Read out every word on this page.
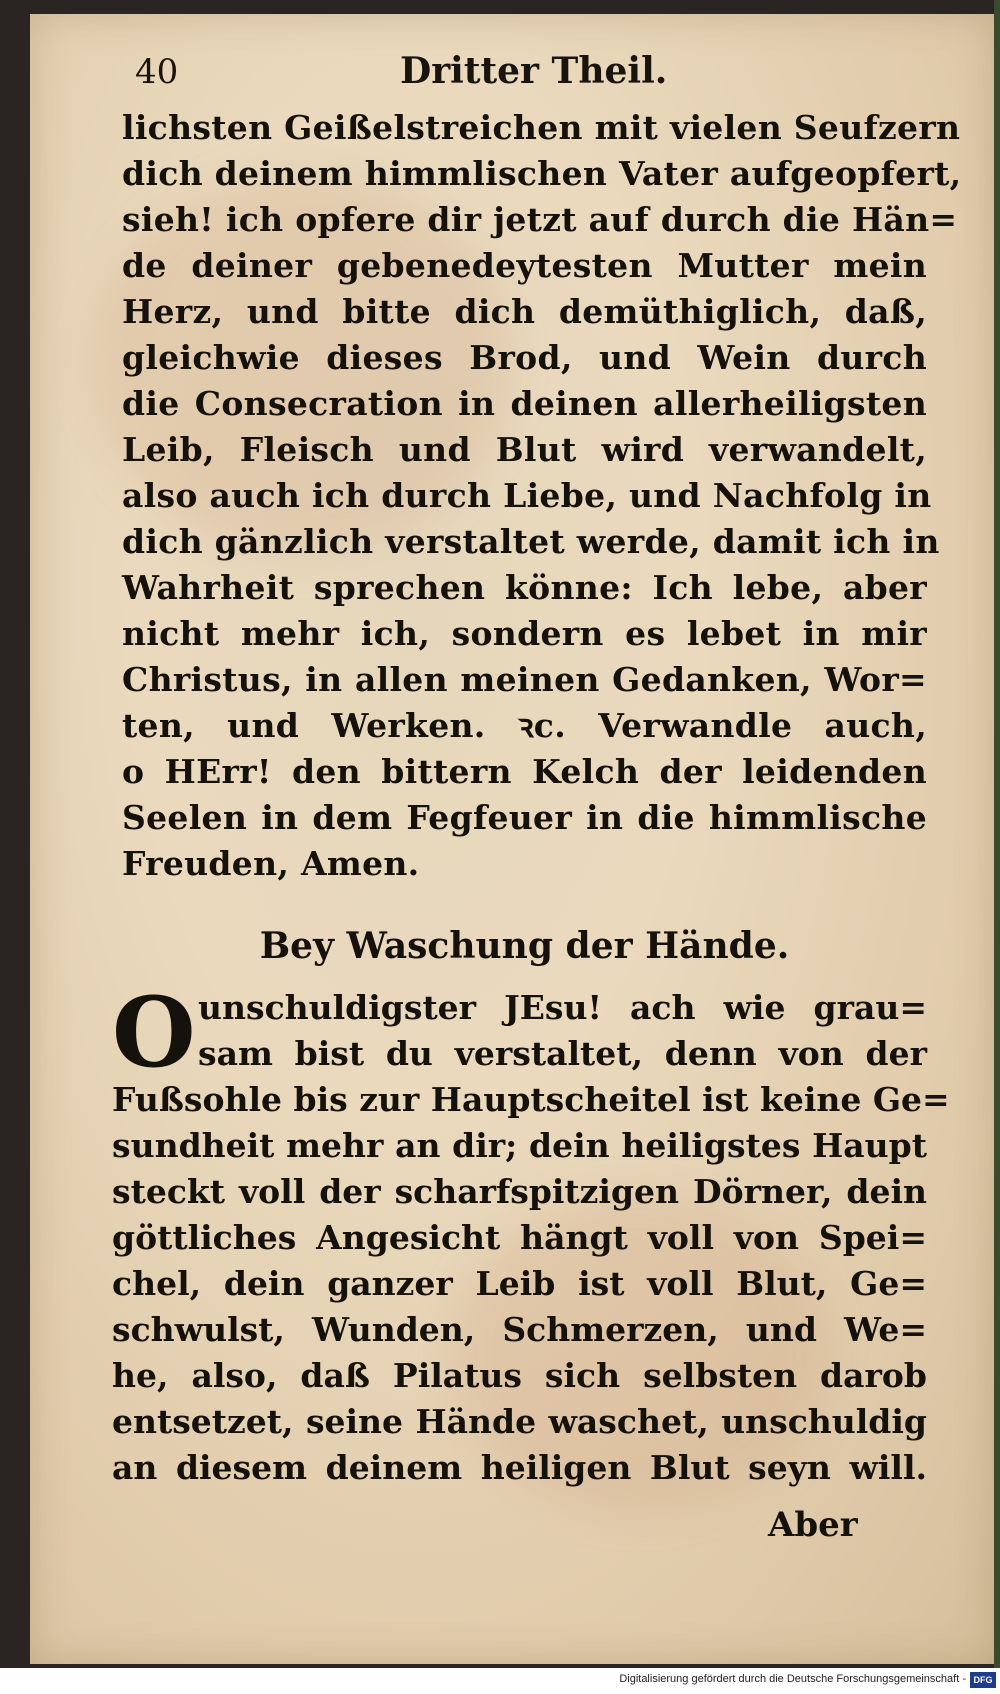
40	Dritter Theil.
lichsten Geißelstreichen mit vielen Seufzern
dich deinem himmlischen Vater aufgeopfert,
sieh! ich opfere dir jetzt auf durch die Hän=
de deiner gebenedeytesten Mutter mein
Herz, und bitte dich demüthiglich, daß,
gleichwie dieses Brod, und Wein durch
die Consecration in deinen allerheiligsten
Leib, Fleisch und Blut wird verwandelt,
also auch ich durch Liebe, und Nachfolg in
dich gänzlich verstaltet werde, damit ich in
Wahrheit sprechen könne: Ich lebe, aber
nicht mehr ich, sondern es lebet in mir
Christus, in allen meinen Gedanken, Wor=
ten, und Werken. ꝛc. Verwandle auch,
o HErr! den bittern Kelch der leidenden
Seelen in dem Fegfeuer in die himmlische
Freuden, Amen.
Bey Waschung der Hände.
O unschuldigster JEsu! ach wie grau=
sam bist du verstaltet, denn von der
Fußsohle bis zur Hauptscheitel ist keine Ge=
sundheit mehr an dir; dein heiligstes Haupt
steckt voll der scharfspitzigen Dörner, dein
göttliches Angesicht hängt voll von Spei=
chel, dein ganzer Leib ist voll Blut, Ge=
schwulst, Wunden, Schmerzen, und We=
he, also, daß Pilatus sich selbsten darob
entsetzet, seine Hände waschet, unschuldig
an diesem deinem heiligen Blut seyn will.
Aber
Digitalisierung gefördert durch die Deutsche Forschungsgemeinschaft - DFG
